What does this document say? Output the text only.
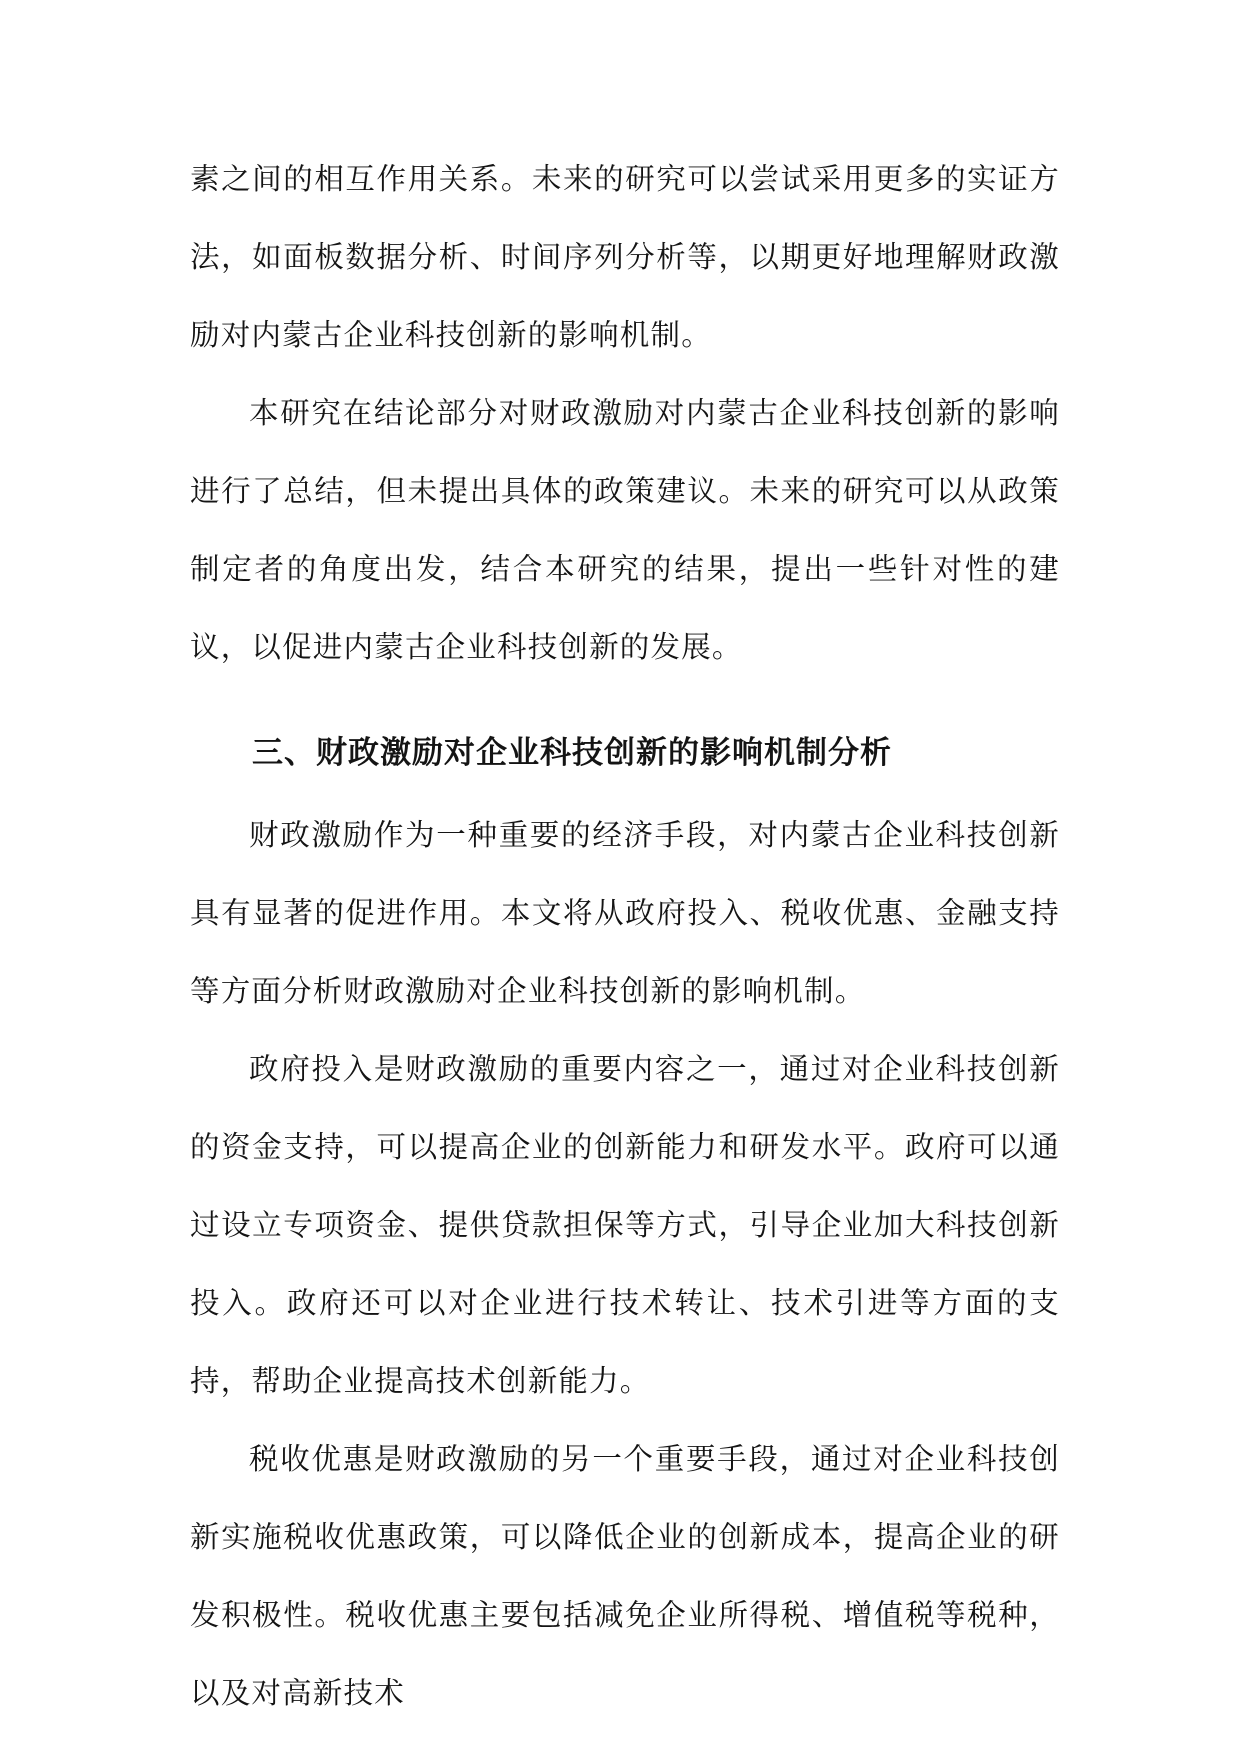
素之间的相互作用关系。未来的研究可以尝试采用更多的实证方法，如面板数据分析、时间序列分析等，以期更好地理解财政激励对内蒙古企业科技创新的影响机制。

本研究在结论部分对财政激励对内蒙古企业科技创新的影响进行了总结，但未提出具体的政策建议。未来的研究可以从政策制定者的角度出发，结合本研究的结果，提出一些针对性的建议，以促进内蒙古企业科技创新的发展。

三、财政激励对企业科技创新的影响机制分析

财政激励作为一种重要的经济手段，对内蒙古企业科技创新具有显著的促进作用。本文将从政府投入、税收优惠、金融支持等方面分析财政激励对企业科技创新的影响机制。

政府投入是财政激励的重要内容之一，通过对企业科技创新的资金支持，可以提高企业的创新能力和研发水平。政府可以通过设立专项资金、提供贷款担保等方式，引导企业加大科技创新投入。政府还可以对企业进行技术转让、技术引进等方面的支持，帮助企业提高技术创新能力。

税收优惠是财政激励的另一个重要手段，通过对企业科技创新实施税收优惠政策，可以降低企业的创新成本，提高企业的研发积极性。税收优惠主要包括减免企业所得税、增值税等税种，以及对高新技术
